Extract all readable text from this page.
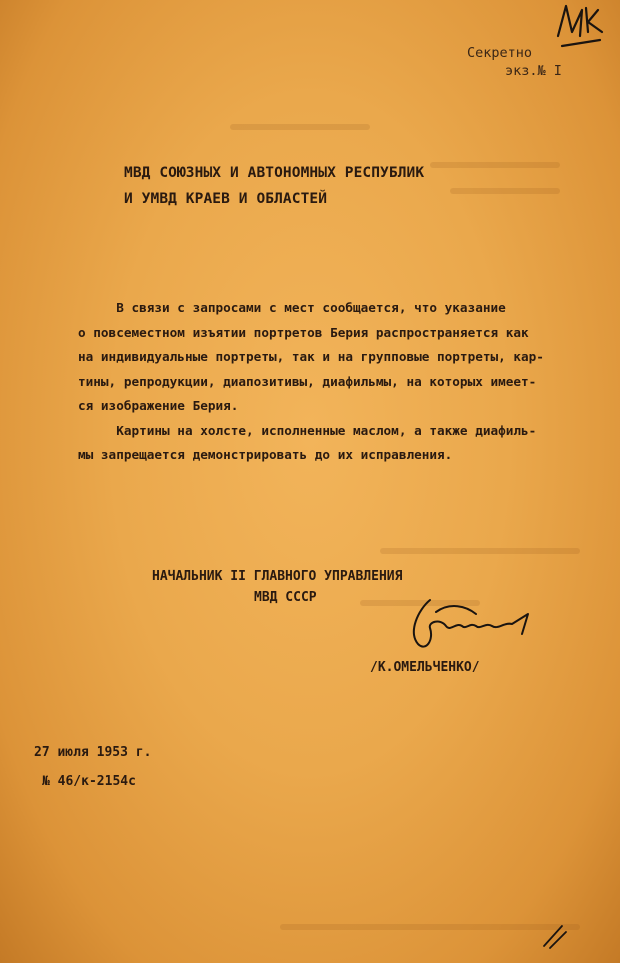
Секретно
экз.№ I
МВД СОЮЗНЫХ И АВТОНОМНЫХ РЕСПУБЛИК
И УМВД КРАЕВ И ОБЛАСТЕЙ
В связи с запросами с мест сообщается, что указание
о повсеместном изъятии портретов Берия распространяется как
на индивидуальные портреты, так и на групповые портреты, кар-
тины, репродукции, диапозитивы, диафильмы, на которых имеет-
ся изображение Берия.
Картины на холсте, исполненные маслом, а также диафиль-
мы запрещается демонстрировать до их исправления.
НАЧАЛЬНИК II ГЛАВНОГО УПРАВЛЕНИЯ
МВД СССР
/К.ОМЕЛЬЧЕНКО/
27 июля 1953 г.
№ 46/к-2154с
